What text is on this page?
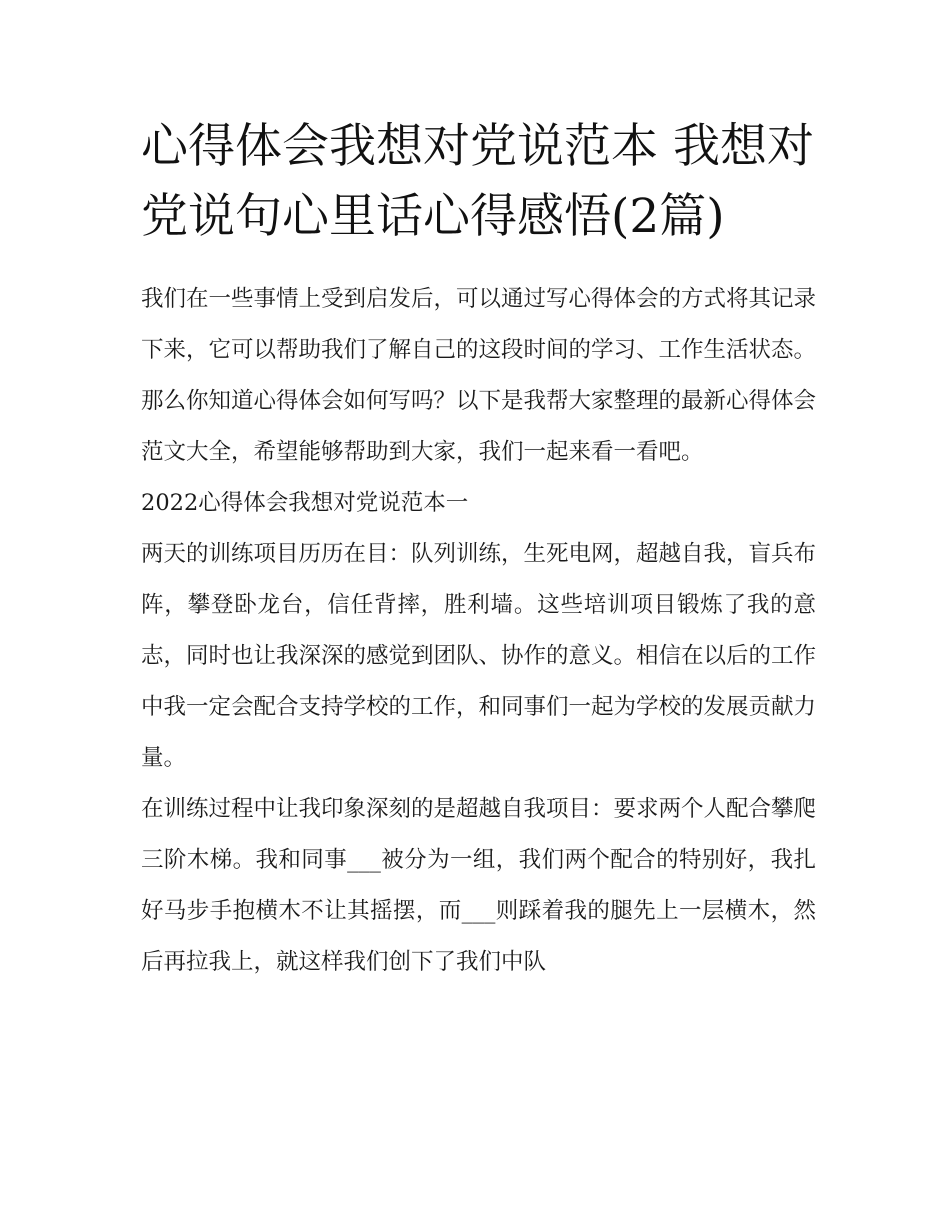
心得体会我想对党说范本 我想对党说句心里话心得感悟(2篇)

我们在一些事情上受到启发后，可以通过写心得体会的方式将其记录下来，它可以帮助我们了解自己的这段时间的学习、工作生活状态。那么你知道心得体会如何写吗？以下是我帮大家整理的最新心得体会范文大全，希望能够帮助到大家，我们一起来看一看吧。

2022心得体会我想对党说范本一

两天的训练项目历历在目：队列训练，生死电网，超越自我，盲兵布阵，攀登卧龙台，信任背摔，胜利墙。这些培训项目锻炼了我的意志，同时也让我深深的感觉到团队、协作的意义。相信在以后的工作中我一定会配合支持学校的工作，和同事们一起为学校的发展贡献力量。

在训练过程中让我印象深刻的是超越自我项目：要求两个人配合攀爬三阶木梯。我和同事___被分为一组，我们两个配合的特别好，我扎好马步手抱横木不让其摇摆，而___则踩着我的腿先上一层横木，然后再拉我上，就这样我们创下了我们中队
